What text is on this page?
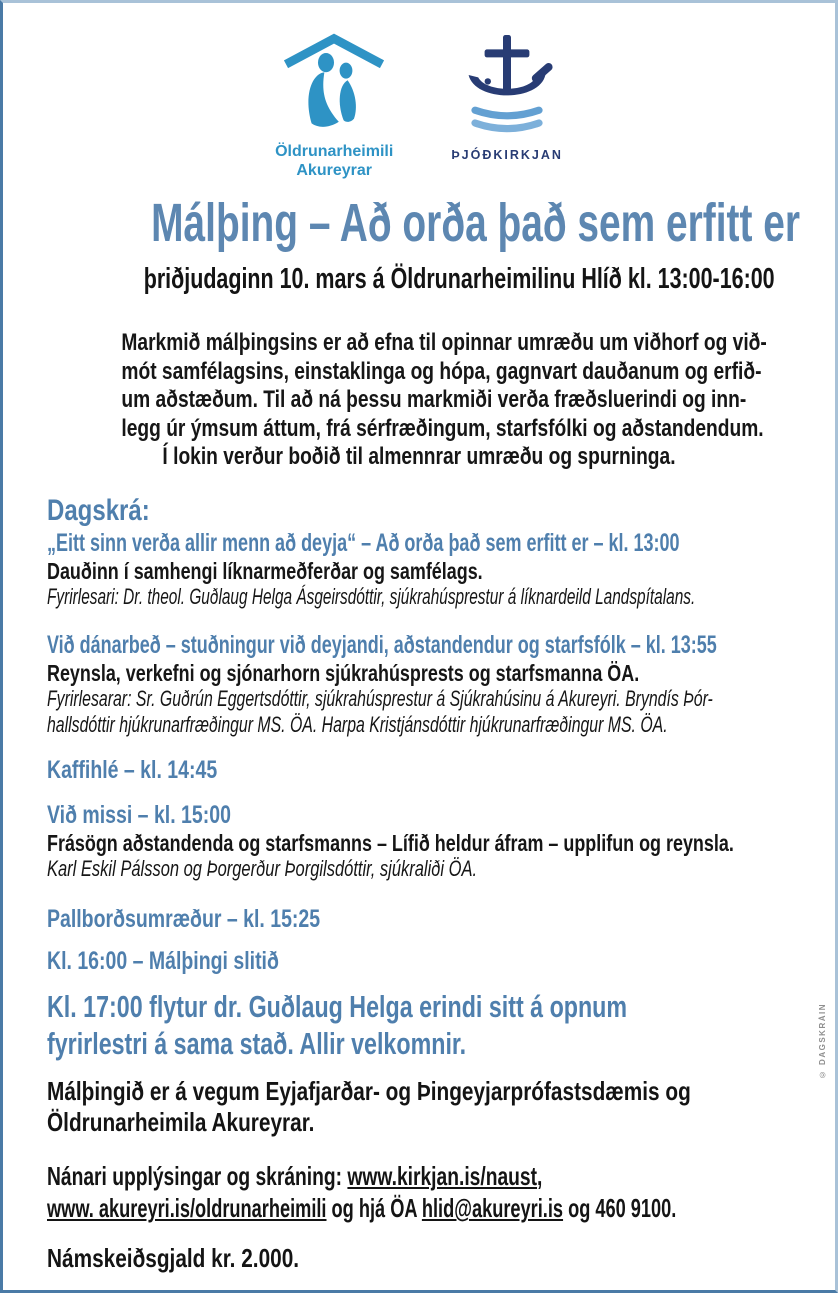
Öldrunarheimili
Akureyrar
ÞJÓÐKIRKJAN
Málþing – Að orða það sem erfitt er
þriðjudaginn 10. mars á Öldrunarheimilinu Hlíð kl. 13:00-16:00
Markmið málþingsins er að efna til opinnar umræðu um viðhorf og við-
mót samfélagsins, einstaklinga og hópa, gagnvart dauðanum og erfið-
um aðstæðum. Til að ná þessu markmiði verða fræðsluerindi og inn-
legg úr ýmsum áttum, frá sérfræðingum, starfsfólki og aðstandendum.
Í lokin verður boðið til almennrar umræðu og spurninga.
Dagskrá:
„Eitt sinn verða allir menn að deyja“ – Að orða það sem erfitt er – kl. 13:00
Dauðinn í samhengi líknarmeðferðar og samfélags.
Fyrirlesari: Dr. theol. Guðlaug Helga Ásgeirsdóttir, sjúkrahúsprestur á líknardeild Landspítalans.
Við dánarbeð – stuðningur við deyjandi, aðstandendur og starfsfólk – kl. 13:55
Reynsla, verkefni og sjónarhorn sjúkrahúsprests og starfsmanna ÖA.
Fyrirlesarar: Sr. Guðrún Eggertsdóttir, sjúkrahúsprestur á Sjúkrahúsinu á Akureyri. Bryndís Þór-
hallsdóttir hjúkrunarfræðingur MS. ÖA. Harpa Kristjánsdóttir hjúkrunarfræðingur MS. ÖA.
Kaffihlé – kl. 14:45
Við missi – kl. 15:00
Frásögn aðstandenda og starfsmanns – Lífið heldur áfram – upplifun og reynsla.
Karl Eskil Pálsson og Þorgerður Þorgilsdóttir, sjúkraliði ÖA.
Pallborðsumræður – kl. 15:25
Kl. 16:00 – Málþingi slitið
Kl. 17:00 flytur dr. Guðlaug Helga erindi sitt á opnum
fyrirlestri á sama stað. Allir velkomnir.
Málþingið er á vegum Eyjafjarðar- og Þingeyjarprófastsdæmis og
Öldrunarheimila Akureyrar.
Nánari upplýsingar og skráning: www.kirkjan.is/naust,
www. akureyri.is/oldrunarheimili og hjá ÖA hlid@akureyri.is og 460 9100.
Námskeiðsgjald kr. 2.000.
© DAGSKRÁIN
